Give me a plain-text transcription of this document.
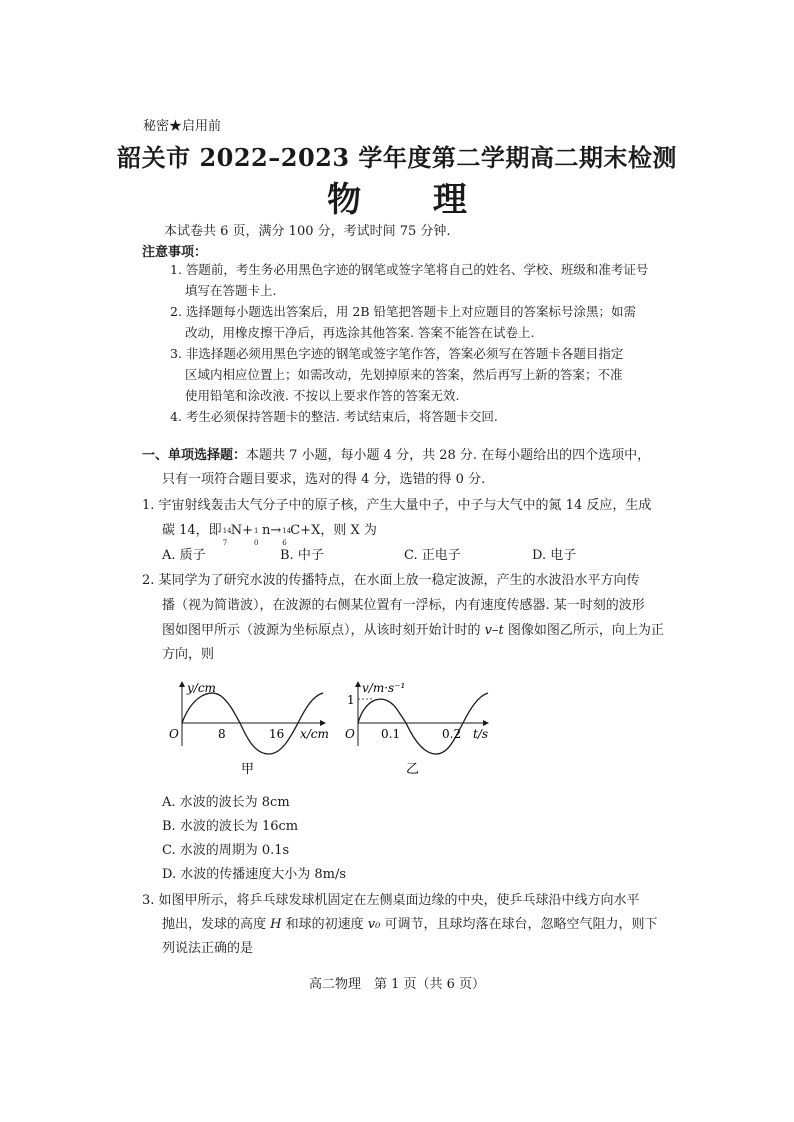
秘密★启用前
韶关市 2022–2023 学年度第二学期高二期末检测
物 理
本试卷共 6 页，满分 100 分，考试时间 75 分钟.
注意事项：
1. 答题前，考生务必用黑色字迹的钢笔或签字笔将自己的姓名、学校、班级和准考证号
填写在答题卡上.
2. 选择题每小题选出答案后，用 2B 铅笔把答题卡上对应题目的答案标号涂黑；如需
改动，用橡皮擦干净后，再选涂其他答案. 答案不能答在试卷上.
3. 非选择题必须用黑色字迹的钢笔或签字笔作答，答案必须写在答题卡各题目指定
区域内相应位置上；如需改动，先划掉原来的答案，然后再写上新的答案；不准
使用铅笔和涂改液. 不按以上要求作答的答案无效.
4. 考生必须保持答题卡的整洁. 考试结束后，将答题卡交回.
一、单项选择题：本题共 7 小题，每小题 4 分，共 28 分. 在每小题给出的四个选项中，
只有一项符合题目要求，选对的得 4 分，选错的得 0 分.
1. 宇宙射线轰击大气分子中的原子核，产生大量中子，中子与大气中的氮 14 反应，生成
碳 14，即 14
7
N+ 1
0
n→ 14
6
C+X，则 X 为
A. 质子	B. 中子	C. 正电子	D. 电子
2. 某同学为了研究水波的传播特点，在水面上放一稳定波源，产生的水波沿水平方向传
播（视为简谐波），在波源的右侧某位置有一浮标，内有速度传感器. 某一时刻的波形
图如图甲所示（波源为坐标原点），从该时刻开始计时的 v–t 图像如图乙所示，向上为正
方向，则
y/cm
O	8	16 x/cm
甲
v/m·s⁻¹
1
O 0.1	0.2 t/s
乙
A. 水波的波长为 8cm
B. 水波的波长为 16cm
C. 水波的周期为 0.1s
D. 水波的传播速度大小为 8m/s
3. 如图甲所示，将乒乓球发球机固定在左侧桌面边缘的中央，使乒乓球沿中线方向水平
抛出，发球的高度 H 和球的初速度 v₀ 可调节，且球均落在球台，忽略空气阻力，则下
列说法正确的是
高二物理　第 1 页（共 6 页）
